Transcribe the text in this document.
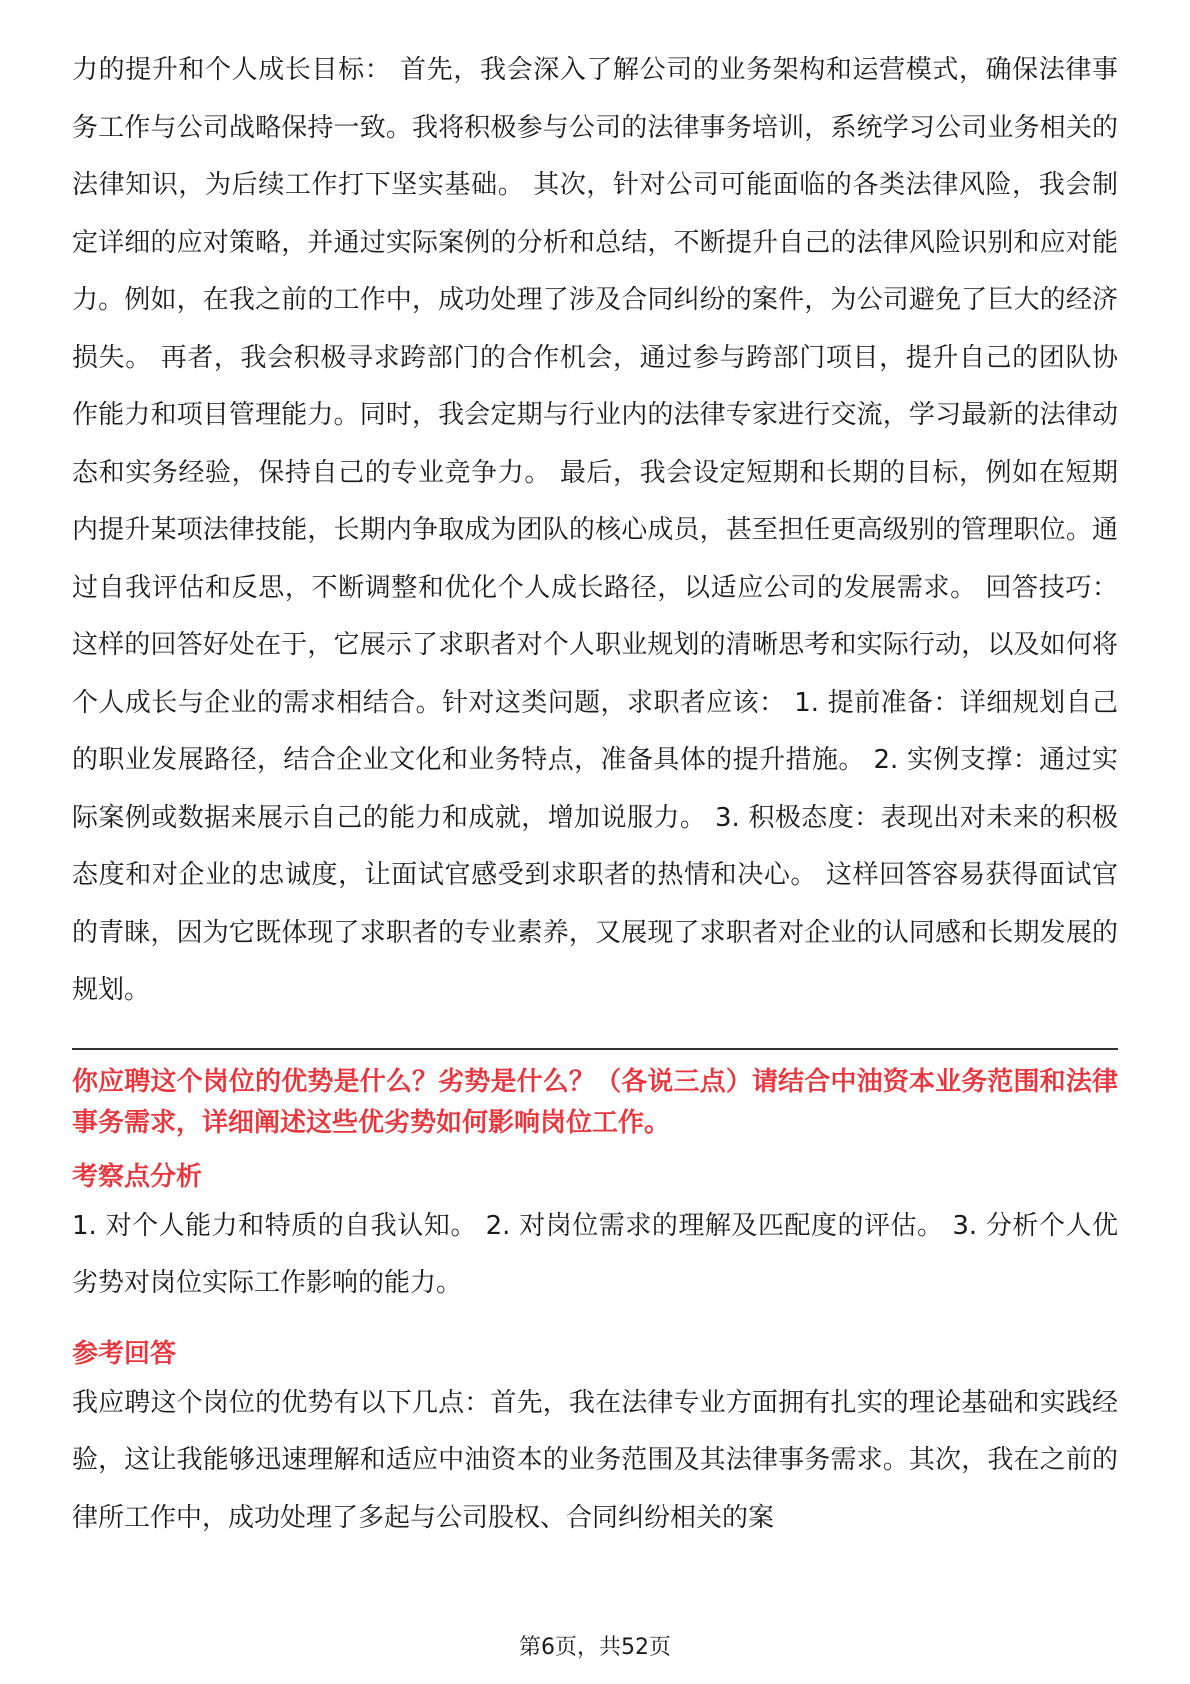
力的提升和个人成长目标： 首先，我会深入了解公司的业务架构和运营模式，确保法律事务工作与公司战略保持一致。我将积极参与公司的法律事务培训，系统学习公司业务相关的法律知识，为后续工作打下坚实基础。 其次，针对公司可能面临的各类法律风险，我会制定详细的应对策略，并通过实际案例的分析和总结，不断提升自己的法律风险识别和应对能力。例如，在我之前的工作中，成功处理了涉及合同纠纷的案件，为公司避免了巨大的经济损失。 再者，我会积极寻求跨部门的合作机会，通过参与跨部门项目，提升自己的团队协作能力和项目管理能力。同时，我会定期与行业内的法律专家进行交流，学习最新的法律动态和实务经验，保持自己的专业竞争力。 最后，我会设定短期和长期的目标，例如在短期内提升某项法律技能，长期内争取成为团队的核心成员，甚至担任更高级别的管理职位。通过自我评估和反思，不断调整和优化个人成长路径，以适应公司的发展需求。 回答技巧：这样的回答好处在于，它展示了求职者对个人职业规划的清晰思考和实际行动，以及如何将个人成长与企业的需求相结合。针对这类问题，求职者应该： 1. 提前准备：详细规划自己的职业发展路径，结合企业文化和业务特点，准备具体的提升措施。 2. 实例支撑：通过实际案例或数据来展示自己的能力和成就，增加说服力。 3. 积极态度：表现出对未来的积极态度和对企业的忠诚度，让面试官感受到求职者的热情和决心。 这样回答容易获得面试官的青睐，因为它既体现了求职者的专业素养，又展现了求职者对企业的认同感和长期发展的规划。

你应聘这个岗位的优势是什么？劣势是什么？（各说三点）请结合中油资本业务范围和法律事务需求，详细阐述这些优劣势如何影响岗位工作。

考察点分析

1. 对个人能力和特质的自我认知。 2. 对岗位需求的理解及匹配度的评估。 3. 分析个人优劣势对岗位实际工作影响的能力。

参考回答

我应聘这个岗位的优势有以下几点：首先，我在法律专业方面拥有扎实的理论基础和实践经验，这让我能够迅速理解和适应中油资本的业务范围及其法律事务需求。其次，我在之前的律所工作中，成功处理了多起与公司股权、合同纠纷相关的案

第6页，共52页
